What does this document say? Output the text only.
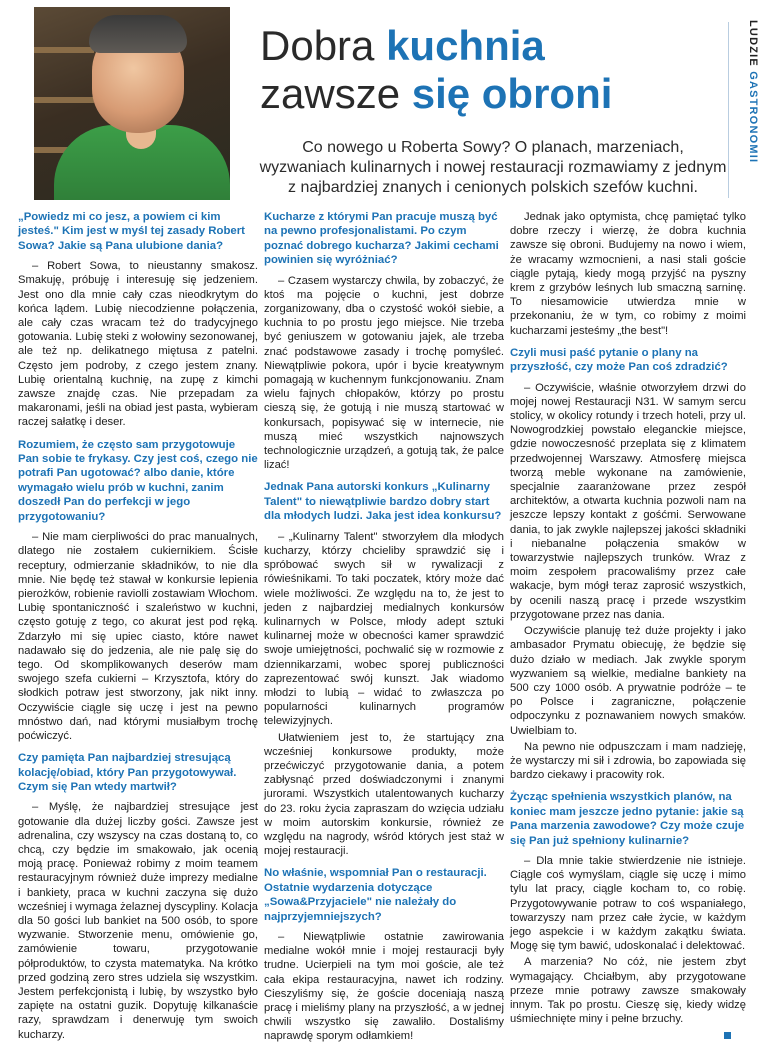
Dobra kuchnia
zawsze się obroni
Co nowego u Roberta Sowy? O planach, marzeniach, wyzwaniach kulinarnych i nowej restauracji rozmawiamy z jednym z najbardziej znanych i cenionych polskich szefów kuchni.
LUDZIE GASTRONOMII

„Powiedz mi co jesz, a powiem ci kim jesteś." Kim jest w myśl tej zasady Robert Sowa? Jakie są Pana ulubione dania?

– Robert Sowa, to nieustanny smakosz. Smakuję, próbuję i interesuję się jedzeniem. Jest ono dla mnie cały czas nieodkrytym do końca lądem. Lubię niecodzienne połączenia, ale cały czas wracam też do tradycyjnego gotowania. Lubię steki z wołowiny sezonowanej, ale też np. delikatnego miętusa z patelni. Często jem podroby, z czego jestem znany. Lubię orientalną kuchnię, na zupę z kimchi zawsze znajdę czas. Nie przepadam za makaronami, jeśli na obiad jest pasta, wybieram raczej sałatkę i deser.

Rozumiem, że często sam przygotowuje Pan sobie te frykasy. Czy jest coś, czego nie potrafi Pan ugotować? albo danie, które wymagało wielu prób w kuchni, zanim doszedł Pan do perfekcji w jego przygotowaniu?

– Nie mam cierpliwości do prac manualnych, dlatego nie zostałem cukiernikiem. Ścisłe receptury, odmierzanie składników, to nie dla mnie. Nie będę też stawał w konkursie lepienia pierożków, robienie raviolli zostawiam Włochom. Lubię spontaniczność i szaleństwo w kuchni, często gotuję z tego, co akurat jest pod ręką. Zdarzyło mi się upiec ciasto, które nawet nadawało się do jedzenia, ale nie palę się do tego. Od skomplikowanych deserów mam swojego szefa cukierni – Krzysztofa, który do słodkich potraw jest stworzony, jak nikt inny. Oczywiście ciągle się uczę i jest na pewno mnóstwo dań, nad którymi musiałbym trochę poćwiczyć.

Czy pamięta Pan najbardziej stresującą kolację/obiad, który Pan przygotowywał. Czym się Pan wtedy martwił?

– Myślę, że najbardziej stresujące jest gotowanie dla dużej liczby gości. Zawsze jest adrenalina, czy wszyscy na czas dostaną to, co chcą, czy będzie im smakowało, jak ocenią moją pracę. Ponieważ robimy z moim teamem restauracyjnym również duże imprezy medialne i bankiety, praca w kuchni zaczyna się dużo wcześniej i wymaga żelaznej dyscypliny. Kolacja dla 50 gości lub bankiet na 500 osób, to spore wyzwanie. Stworzenie menu, omówienie go, zamówienie towaru, przygotowanie półproduktów, to czysta matematyka. Na krótko przed godziną zero stres udziela się wszystkim. Jestem perfekcjonistą i lubię, by wszystko było zapięte na ostatni guzik. Dopytuję kilkanaście razy, sprawdzam i denerwuję tym swoich kucharzy.

Kucharze z którymi Pan pracuje muszą być na pewno profesjonalistami. Po czym poznać dobrego kucharza? Jakimi cechami powinien się wyróżniać?

– Czasem wystarczy chwila, by zobaczyć, że ktoś ma pojęcie o kuchni, jest dobrze zorganizowany, dba o czystość wokół siebie, a kuchnia to po prostu jego miejsce. Nie trzeba być geniuszem w gotowaniu jajek, ale trzeba znać podstawowe zasady i trochę pomyśleć. Niewątpliwie pokora, upór i bycie kreatywnym pomagają w kuchennym funkcjonowaniu. Znam wielu fajnych chłopaków, którzy po prostu cieszą się, że gotują i nie muszą startować w konkursach, popisywać się w internecie, nie muszą mieć wszystkich najnowszych technologicznie urządzeń, a gotują tak, że palce lizać!

Jednak Pana autorski konkurs „Kulinarny Talent" to niewątpliwie bardzo dobry start dla młodych ludzi. Jaka jest idea konkursu?

– „Kulinarny Talent" stworzyłem dla młodych kucharzy, którzy chcieliby sprawdzić się i spróbować swych sił w rywalizacji z rówieśnikami. To taki poczatek, który może dać wiele możliwości. Ze względu na to, że jest to jeden z najbardziej medialnych konkursów kulinarnych w Polsce, młody adept sztuki kulinarnej może w obecności kamer sprawdzić swoje umiejętności, pochwalić się w rozmowie z dziennikarzami, wobec sporej publiczności zaprezentować swój kunszt. Jak wiadomo młodzi to lubią – widać to zwłaszcza po popularności kulinarnych programów telewizyjnych.

Ułatwieniem jest to, że startujący zna wcześniej konkursowe produkty, może przećwiczyć przygotowanie dania, a potem zabłysnąć przed doświadczonymi i znanymi jurorami. Wszystkich utalentowanych kucharzy do 23. roku życia zapraszam do wzięcia udziału w moim autorskim konkursie, również ze względu na nagrody, wśród których jest staż w mojej restauracji.

No właśnie, wspomniał Pan o restauracji. Ostatnie wydarzenia dotyczące „Sowa&Przyjaciele" nie należały do najprzyjemniejszych?

– Niewątpliwie ostatnie zawirowania medialne wokół mnie i mojej restauracji były trudne. Ucierpieli na tym moi goście, ale też cała ekipa restauracyjna, nawet ich rodziny. Cieszyliśmy się, że goście doceniają naszą pracę i mieliśmy plany na przyszłość, a w jednej chwili wszystko się zawaliło. Dostaliśmy naprawdę sporym odłamkiem!

Jednak jako optymista, chcę pamiętać tylko dobre rzeczy i wierzę, że dobra kuchnia zawsze się obroni. Budujemy na nowo i wiem, że wracamy wzmocnieni, a nasi stali goście ciągle pytają, kiedy mogą przyjść na pyszny krem z grzybów leśnych lub smaczną sarninę. To niesamowicie utwierdza mnie w przekonaniu, że w tym, co robimy z moimi kucharzami jesteśmy „the best"!

Czyli musi paść pytanie o plany na przyszłość, czy może Pan coś zdradzić?

– Oczywiście, właśnie otworzyłem drzwi do mojej nowej Restauracji N31. W samym sercu stolicy, w okolicy rotundy i trzech hoteli, przy ul. Nowogrodzkiej powstało eleganckie miejsce, gdzie nowoczesność przeplata się z klimatem przedwojennej Warszawy. Atmosferę miejsca tworzą meble wykonane na zamówienie, specjalnie zaaranżowane przez zespół architektów, a otwarta kuchnia pozwoli nam na jeszcze lepszy kontakt z gośćmi. Serwowane dania, to jak zwykle najlepszej jakości składniki i niebanalne połączenia smaków w towarzystwie najlepszych trunków. Wraz z moim zespołem pracowaliśmy przez całe wakacje, bym mógł teraz zaprosić wszystkich, by ocenili naszą pracę i przede wszystkim przygotowane przez nas dania.

Oczywiście planuję też duże projekty i jako ambasador Prymatu obiecuję, że będzie się dużo działo w mediach. Jak zwykle sporym wyzwaniem są wielkie, medialne bankiety na 500 czy 1000 osób. A prywatnie podróże – te po Polsce i zagraniczne, połączenie odpoczynku z poznawaniem nowych smaków. Uwielbiam to.

Na pewno nie odpuszczam i mam nadzieję, że wystarczy mi sił i zdrowia, bo zapowiada się bardzo ciekawy i pracowity rok.

Życząc spełnienia wszystkich planów, na koniec mam jeszcze jedno pytanie: jakie są Pana marzenia zawodowe? Czy może czuje się Pan już spełniony kulinarnie?

– Dla mnie takie stwierdzenie nie istnieje. Ciągle coś wymyślam, ciągle się uczę i mimo tylu lat pracy, ciągle kocham to, co robię. Przygotowywanie potraw to coś wspaniałego, towarzyszy nam przez całe życie, w każdym jego aspekcie i w każdym zakątku świata. Mogę się tym bawić, udoskonalać i delektować.

A marzenia? No cóż, nie jestem zbyt wymagający. Chciałbym, aby przygotowane przeze mnie potrawy zawsze smakowały innym. Tak po prostu. Cieszę się, kiedy widzę uśmiechnięte miny i pełne brzuchy.
